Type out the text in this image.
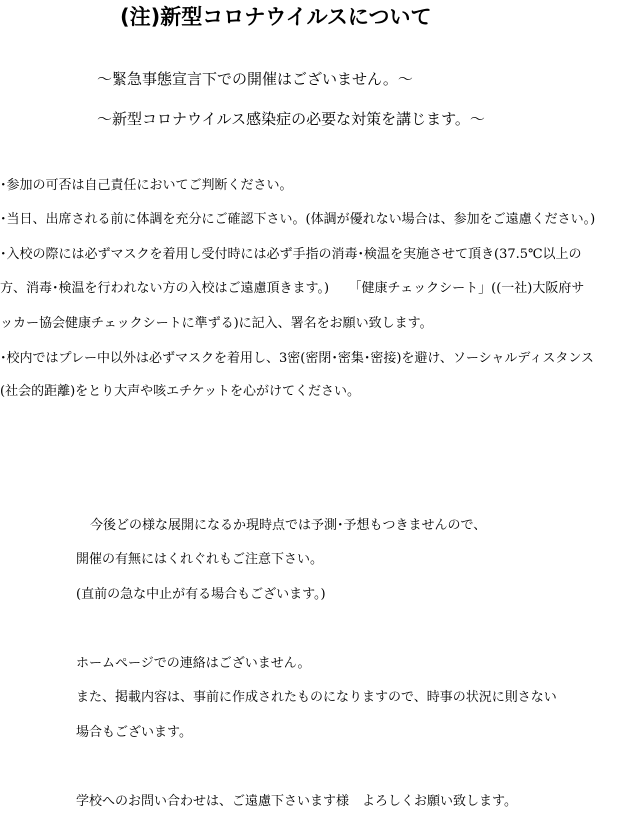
(注)新型コロナウイルスについて
～緊急事態宣言下での開催はございません。～
～新型コロナウイルス感染症の必要な対策を講じます。～
･参加の可否は自己責任においてご判断ください。
･当日、出席される前に体調を充分にご確認下さい。(体調が優れない場合は、参加をご遠慮ください。)
･入校の際には必ずマスクを着用し受付時には必ず手指の消毒･検温を実施させて頂き(37.5℃以上の
方、消毒･検温を行われない方の入校はご遠慮頂きます。)　　「健康チェックシート」((一社)大阪府サ
ッカー協会健康チェックシートに準ずる)に記入、署名をお願い致します。
･校内ではプレー中以外は必ずマスクを着用し、3密(密閉･密集･密接)を避け、ソーシャルディスタンス
(社会的距離)をとり大声や咳エチケットを心がけてください。
今後どの様な展開になるか現時点では予測･予想もつきませんので、
開催の有無にはくれぐれもご注意下さい。
(直前の急な中止が有る場合もございます。)
ホームページでの連絡はございません。
また、掲載内容は、事前に作成されたものになりますので、時事の状況に則さない
場合もございます。
学校へのお問い合わせは、ご遠慮下さいます様　よろしくお願い致します。
